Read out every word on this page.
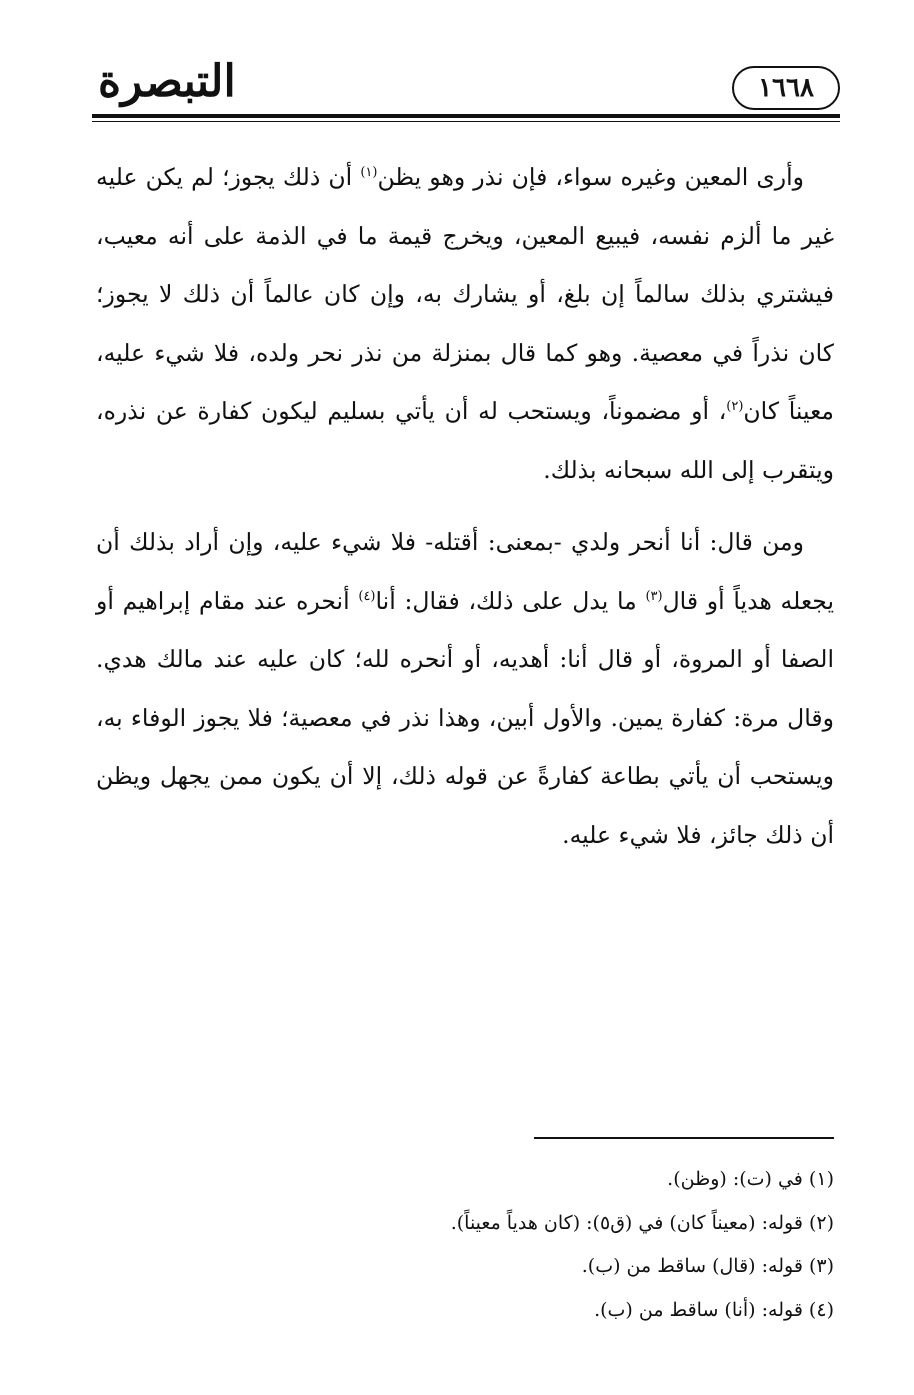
التبصرة	١٦٦٨

وأرى المعين وغيره سواء، فإن نذر وهو يظن$^{(١)}$ أن ذلك يجوز؛ لم يكن عليه غير ما ألزم نفسه، فيبيع المعين، ويخرج قيمة ما في الذمة على أنه معيب، فيشتري بذلك سالماً إن بلغ، أو يشارك به، وإن كان عالماً أن ذلك لا يجوز؛ كان نذراً في معصية. وهو كما قال بمنزلة من نذر نحر ولده، فلا شيء عليه، معيناً كان$^{(٢)}$، أو مضموناً، ويستحب له أن يأتي بسليم ليكون كفارة عن نذره، ويتقرب إلى الله سبحانه بذلك.

ومن قال: أنا أنحر ولدي -بمعنى: أقتله- فلا شيء عليه، وإن أراد بذلك أن يجعله هدياً أو قال$^{(٣)}$ ما يدل على ذلك، فقال: أنا$^{(٤)}$ أنحره عند مقام إبراهيم أو الصفا أو المروة، أو قال أنا: أهديه، أو أنحره لله؛ كان عليه عند مالك هدي. وقال مرة: كفارة يمين. والأول أبين، وهذا نذر في معصية؛ فلا يجوز الوفاء به، ويستحب أن يأتي بطاعة كفارةً عن قوله ذلك، إلا أن يكون ممن يجهل ويظن أن ذلك جائز، فلا شيء عليه.

(١) في (ت): (وظن).
(٢) قوله: (معيناً كان) في (ق٥): (كان هدياً معيناً).
(٣) قوله: (قال) ساقط من (ب).
(٤) قوله: (أنا) ساقط من (ب).
